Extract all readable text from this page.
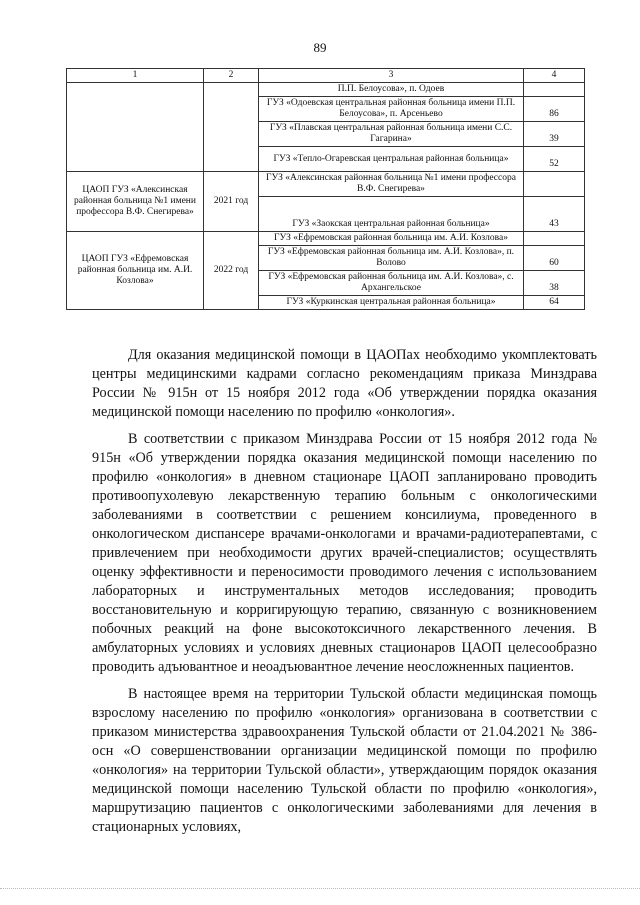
89
1	2	3	4
		П.П. Белоусова», п. Одоев	
		ГУЗ «Одоевская центральная районная больница имени П.П. Белоусова», п. Арсеньево	86
		ГУЗ «Плавская центральная районная больница имени С.С. Гагарина»	39
		ГУЗ «Тепло-Огаревская центральная районная больница»	52
ЦАОП ГУЗ «Алексинская районная больница №1 имени профессора В.Ф. Снегирева»	2021 год	ГУЗ «Алексинская районная больница №1 имени профессора В.Ф. Снегирева»	
		ГУЗ «Заокская центральная районная больница»	43
ЦАОП ГУЗ «Ефремовская районная больница им. А.И. Козлова»	2022 год	ГУЗ «Ефремовская районная больница им. А.И. Козлова»	
		ГУЗ «Ефремовская районная больница им. А.И. Козлова», п. Волово	60
		ГУЗ «Ефремовская районная больница им. А.И. Козлова», с. Архангельское	38
		ГУЗ «Куркинская центральная районная больница»	64

Для оказания медицинской помощи в ЦАОПах необходимо укомплектовать центры медицинскими кадрами согласно рекомендациям приказа Минздрава России № 915н от 15 ноября 2012 года «Об утверждении порядка оказания медицинской помощи населению по профилю «онкология».

В соответствии с приказом Минздрава России от 15 ноября 2012 года № 915н «Об утверждении порядка оказания медицинской помощи населению по профилю «онкология» в дневном стационаре ЦАОП запланировано проводить противоопухолевую лекарственную терапию больным с онкологическими заболеваниями в соответствии с решением консилиума, проведенного в онкологическом диспансере врачами-онкологами и врачами-радиотерапевтами, с привлечением при необходимости других врачей-специалистов; осуществлять оценку эффективности и переносимости проводимого лечения с использованием лабораторных и инструментальных методов исследования; проводить восстановительную и корригирующую терапию, связанную с возникновением побочных реакций на фоне высокотоксичного лекарственного лечения. В амбулаторных условиях и условиях дневных стационаров ЦАОП целесообразно проводить адъювантное и неоадъювантное лечение неосложненных пациентов.

В настоящее время на территории Тульской области медицинская помощь взрослому населению по профилю «онкология» организована в соответствии с приказом министерства здравоохранения Тульской области от 21.04.2021 № 386-осн «О совершенствовании организации медицинской помощи по профилю «онкология» на территории Тульской области», утверждающим порядок оказания медицинской помощи населению Тульской области по профилю «онкология», маршрутизацию пациентов с онкологическими заболеваниями для лечения в стационарных условиях,
